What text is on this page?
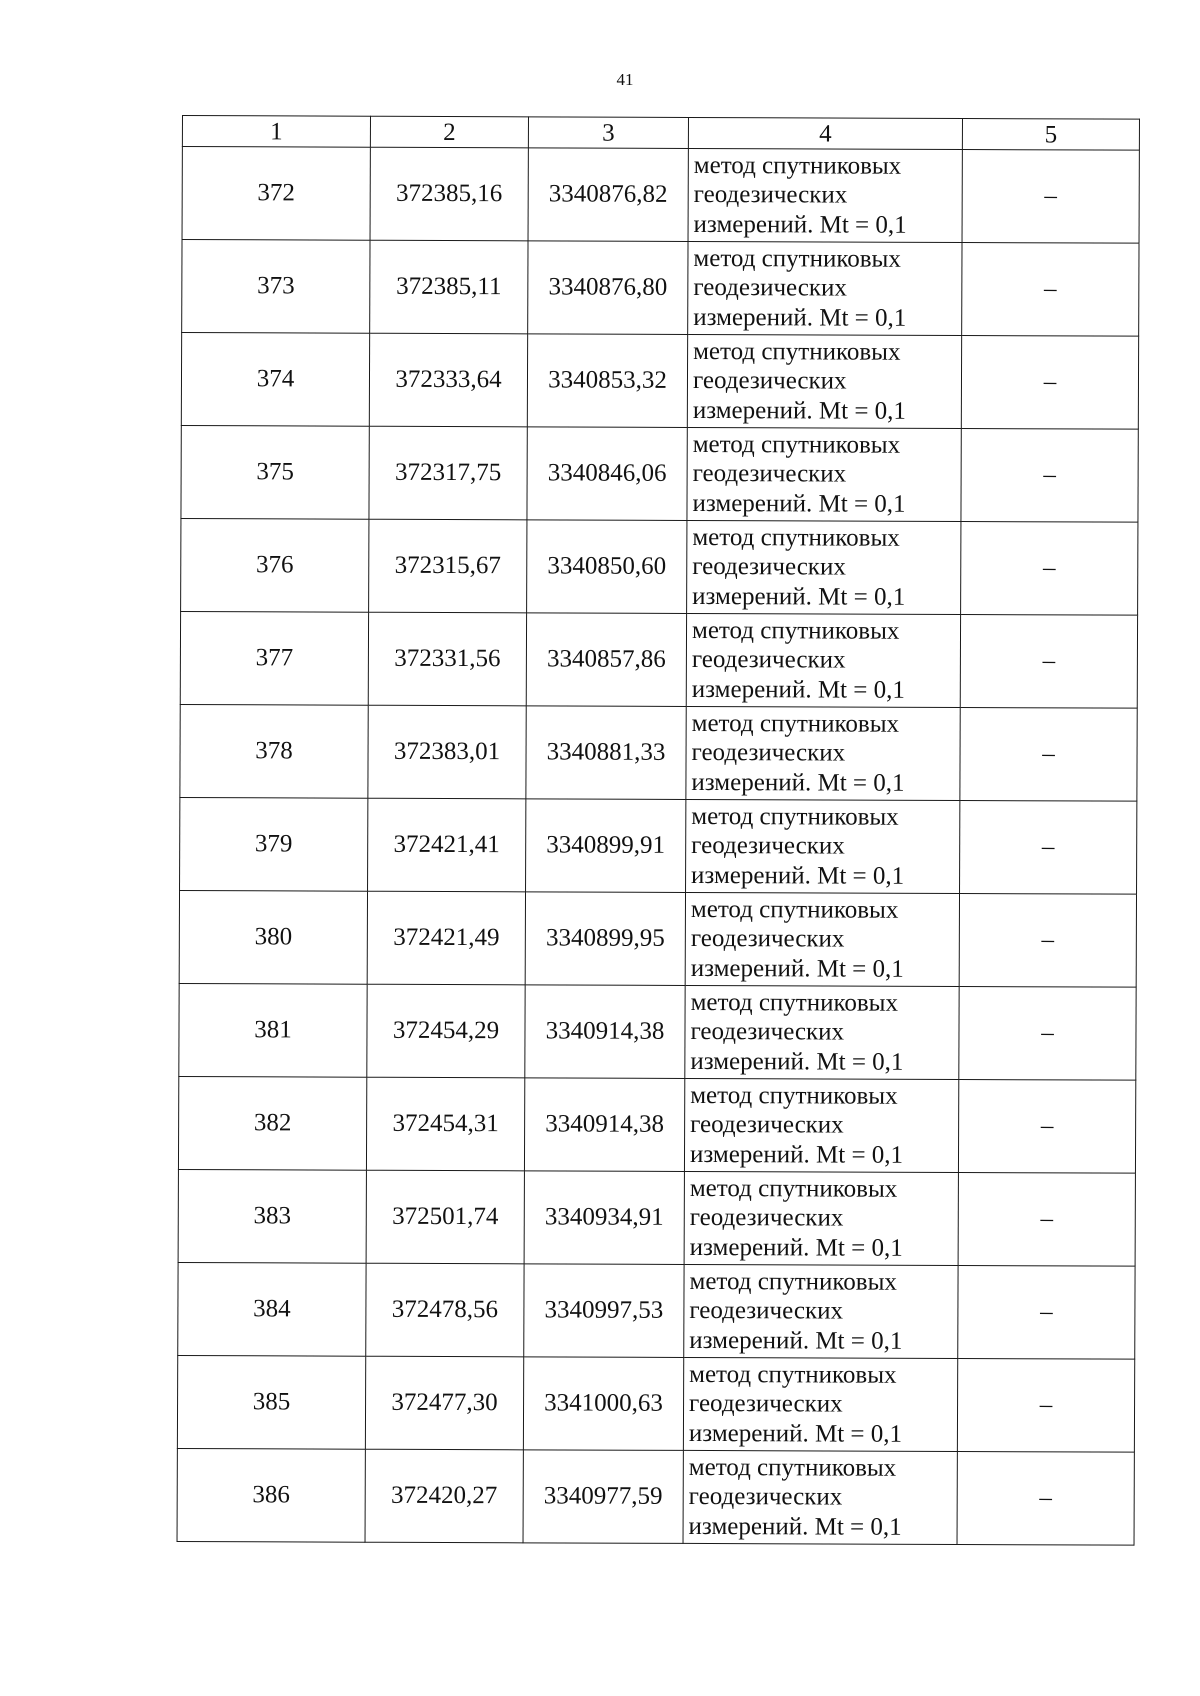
41
1	2	3	4	5
372	372385,16	3340876,82	метод спутниковых
геодезических
измерений. Mt = 0,1	–
373	372385,11	3340876,80	метод спутниковых
геодезических
измерений. Mt = 0,1	–
374	372333,64	3340853,32	метод спутниковых
геодезических
измерений. Mt = 0,1	–
375	372317,75	3340846,06	метод спутниковых
геодезических
измерений. Mt = 0,1	–
376	372315,67	3340850,60	метод спутниковых
геодезических
измерений. Mt = 0,1	–
377	372331,56	3340857,86	метод спутниковых
геодезических
измерений. Mt = 0,1	–
378	372383,01	3340881,33	метод спутниковых
геодезических
измерений. Mt = 0,1	–
379	372421,41	3340899,91	метод спутниковых
геодезических
измерений. Mt = 0,1	–
380	372421,49	3340899,95	метод спутниковых
геодезических
измерений. Mt = 0,1	–
381	372454,29	3340914,38	метод спутниковых
геодезических
измерений. Mt = 0,1	–
382	372454,31	3340914,38	метод спутниковых
геодезических
измерений. Mt = 0,1	–
383	372501,74	3340934,91	метод спутниковых
геодезических
измерений. Mt = 0,1	–
384	372478,56	3340997,53	метод спутниковых
геодезических
измерений. Mt = 0,1	–
385	372477,30	3341000,63	метод спутниковых
геодезических
измерений. Mt = 0,1	–
386	372420,27	3340977,59	метод спутниковых
геодезических
измерений. Mt = 0,1	–
